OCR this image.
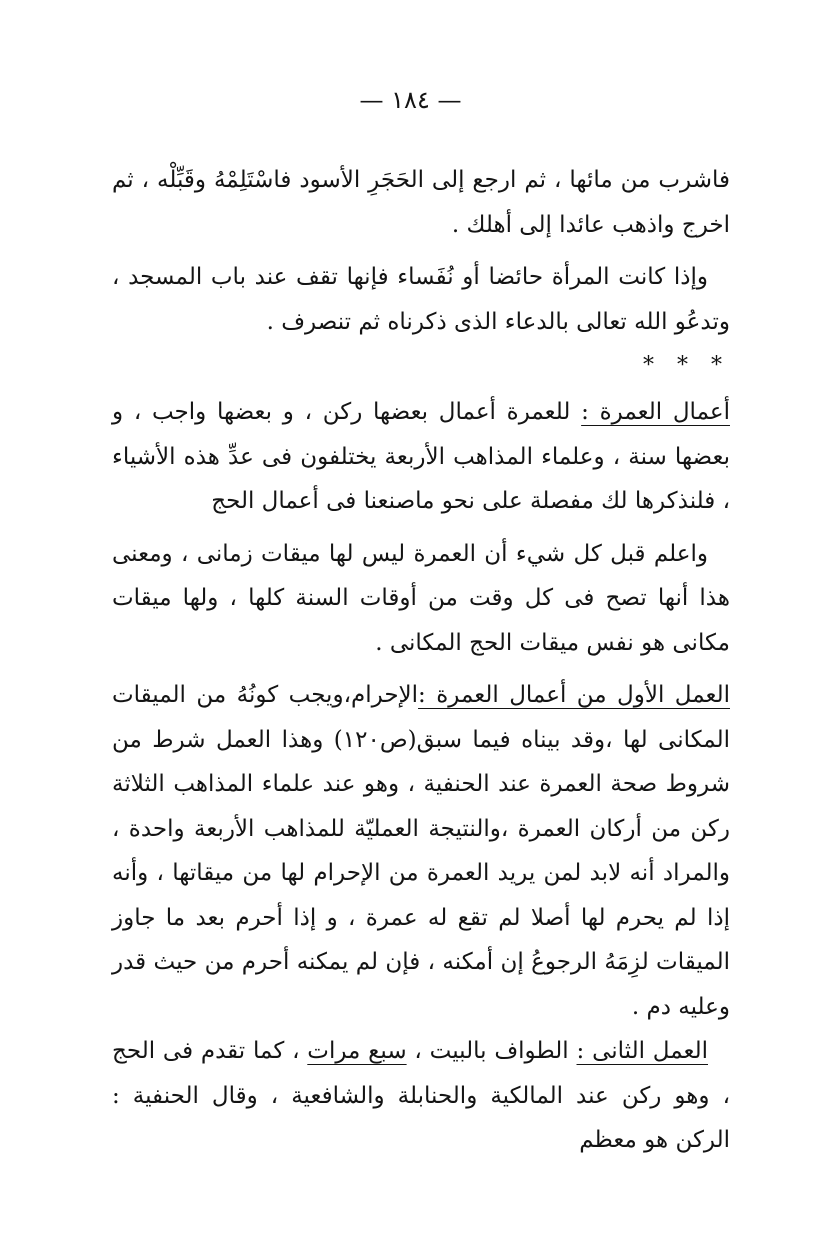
— ١٨٤ —

فاشرب من مائها ، ثم ارجع إلى الحَجَرِ الأسود فاسْتَلِمْهُ وقَبِّلْه ، ثم اخرج واذهب عائدا إلى أهلك .

وإذا كانت المرأة حائضا أو نُفَساء فإنها تقف عند باب المسجد ، وتدعُو الله تعالى بالدعاء الذى ذكرناه ثم تنصرف .

* * *

أعمال العمرة : للعمرة أعمال بعضها ركن ، و بعضها واجب ، و بعضها سنة ، وعلماء المذاهب الأربعة يختلفون فى عدِّ هذه الأشياء ، فلنذكرها لك مفصلة على نحو ماصنعنا فى أعمال الحج

واعلم قبل كل شيء أن العمرة ليس لها ميقات زمانى ، ومعنى هذا أنها تصح فى كل وقت من أوقات السنة كلها ، ولها ميقات مكانى هو نفس ميقات الحج المكانى .

العمل الأول من أعمال العمرة :الإحرام،ويجب كونُهُ من الميقات المكانى لها ،وقد بيناه فيما سبق(ص١٢٠) وهذا العمل شرط من شروط صحة العمرة عند الحنفية ، وهو عند علماء المذاهب الثلاثة ركن من أركان العمرة ،والنتيجة العمليّة للمذاهب الأربعة واحدة ، والمراد أنه لابد لمن يريد العمرة من الإحرام لها من ميقاتها ، وأنه إذا لم يحرم لها أصلا لم تقع له عمرة ، و إذا أحرم بعد ما جاوز الميقات لزِمَهُ الرجوعُ إن أمكنه ، فإن لم يمكنه أحرم من حيث قدر وعليه دم .

العمل الثانى : الطواف بالبيت ، سبع مرات ، كما تقدم فى الحج ، وهو ركن عند المالكية والحنابلة والشافعية ، وقال الحنفية : الركن هو معظم
